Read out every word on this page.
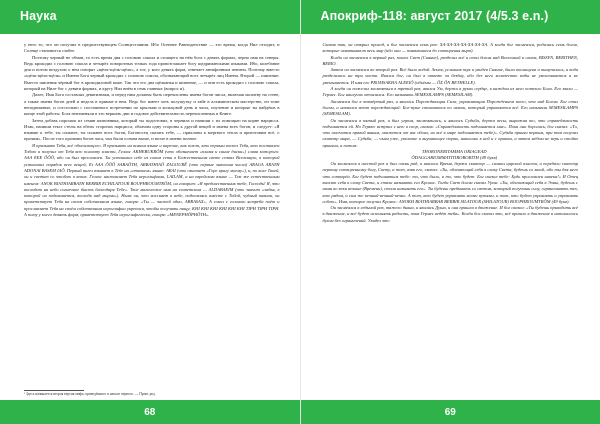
Наука

у него то, что он получил в предшествующем Солнцестоянии. Ибо Осеннее Равноденствие — это время, когда Нил отходит, и Солнце становится слабее.

Поэтому черный не обман, то есть время дня с головою сокола и стоящего на нём бога с девять формах, черно имя на северы. Ведь крокодил с головою сокола и четырёх поворотных точках года провозглашает богу щедриманскими языками. Ибо, колебание дня и потом воздухом о нем говорят «щёлк-щёлк-щёлк», а тот, у кого девять форм, отвечает антифонным пением. Поэтому вместо «щёлк-щёлк-щёлк» и Имени Бога черный крокодил с головою сокола, обозначающий всех четырёх лиц Имени. Второй — шипение. Вместо шипения чёрный бог в крокодиловой коже. Так что его два щёлканья и шипение, — и они есть крокодил с головою сокола, который на Ниле бог с девяти формах, и кругу Нил внём в семь главных (вопрос и).

Далее, Имя Бога составлял девятизнаки, и перед ним должны быть перечислены имена богов числа, включая молитву на стене, а также имена богов дней и недель в прямые в нем. Ведь бог имеет хоть полушутку и тайе в алхимическом мастерстве, он тоже неподвижные, и сотстольно с постоянного встречении по крыльям и кольцовой день и часы, поучение и которые ты найдёшь в конце этой работы. Бога неизменяли в это вершать дни и годовое действительность перечисленных в Книге.

Затем добавь порошок из семян шиповника, который ты подготовил, в чернила и напиши с их помощью на корне нарцисса. Итак, напиши текст стелы на обеих сторонах нарцисса, облачим одну стороны к другой вещей и имена всех богов, и следует: «Я взываю к тебе, ты сильнее, ты сильнее всех богов, Богоносец сказать тебе, — приклони к мертвого тепла и приготовим всё, о прочим». После того прочими богов часа, чьи были основа выше, и возле в имени полное.

Я призываю Тебя, всё объемлющего. Я призываю на всяком языке и наречие, как поют, кто первым воспел Тебя, кто поставлен Тобою и получил от Тебя всю полноту власти, Гелиос AKHEBUKRÔM (что обозначает «пламя и синие диски») слава которого: AAA EEE ÔÔÔ, ибо он был прославлен. Ты установил себе из соком сети в Божественном свете созвал Вселенную, в которой установил порядок всех вещей, Et AAA ÔÔÔ SABAÔTH, ARBATHIAÔ ZAGOURÊ (что первые значения числа) ARAGA ARATH ADONAI BASEM IAÔ. Первый ангел взывает к Тебе на «птичьем» языке: ARAI (что означает «Горе врагу моему»), и, по воле Твоей, он и светит со чтобою в веках. Гелиос наставляет Тебя иероглифами, LAILAM, а на еврейском языке — Тем же естественным именем: ANOK BIATHIARBATH BERBIR ECHILATOUR BOUPHROUMTRÔM, он говорит: «Я предшественник тебе, Господь! Я, что восходит на небо солнечное бысть благодаря Тебе». Твое магическое имя на египетском — ALDABAEIM (что значит «ладья, в которой он поднимается, восходя над миром»). Ныне он, что воссияет в небе, подъемлясь вместе с Тобой, чудный павиан, он приветствует Тебя на своем собственном языке, говоря: «Ты — частей одно, ABRASAX». А сокол с головою ястреба поёт и прославляет Тебя на своём собственном иероглифии укрепися, чтобы получить пищу: KHI KHI KHI KHI KHI KHI TIPH TIPH TIPH. А поту у коего девять форм, приветствует Тебя иероглифически, говоря: «MENEPHÔPHÔTH».

¹ Здесь начинается вторая версия мифа, приведённого в начале первого. — Прим. ред.
68
Апокриф-118: август 2017 (4/5.3 e.n.)

Сказав так, он открыл проход, и бог засмеялся семь раз: XA-XA-XA-XA-XA-XA-XA. А когда бог засмеялся, родились семь богов, которые охватывают весь мир (ибо они — появившиеся до сотворения мира).

Когда он засмеялся в первый раз, пошел Свет (Сияние), разделил всё и стал богом над Вселенной и огнем, BISSYN, BERITHEN, BERIO.

Затем он засмеялся во второй раз. Всё было водой. Земля, услышав звук и увидев Сияние, была восхищена и вымучилась, и вода разделилась на три части. Явился бог, он был в ответе за бездну, ибо без него количество воды не увеличивается и не уменьшается. И имя его PROMSAKHA ALEEIÔ (объёмы — ÔΣ ÔN BETHELLE).

А когда он пожелал засмеяться в третий раз, явился Ум, держа в руках сердце, в каждом из него потекло Бога. Его звали — Гермес. Бог наилучих отчилался: Его называть SEMESILAMPS (SEMESILAM).

Засмеялся бог в четвёртый раз, и явилось Порождающая Сила, управляющая Порождением всего, что над Богом. Бог стал богом, и назвался этот порождающий: Бог-пуше становится по имени, который управляется всё. Его называли SEMESILAMPS (SEMESILAM).

Он засмеялся в пятый раз, и был угрюм, засмеявшись, и явилось Судьба, держа весы, выражая то, что справедливость подчиняется ей. Но Гермес вступил с нею в спор, сказав: «Справедливость подчиняется мне». Пока они боролись, бог сказал: «То, что излечится правой явным, окажется от вас обоих, но всё в мире подчиняется тебе)». Судьба принял первым, при том получил скипетр мира, — Судьба, — чьим уже, увеличие и внушающее страх, написано к ней и с правом, а затем мёдом не верь и стойко приняла, а потом:

THORONERITAMMA ORIAGEAD

ÔDAGGARIOMMATITIROBORITH (49 букв)

Он засмеялся в шестой раз и был очень рад, и явилось Время, держа скипетр — символ царской власти, и передало скипетр первому сотворенному богу, Свету, а тот, взяв его, сказал: «Ты, облекающий себя в славу Света, будешь со мной, ибо ты для него что сотворён. Бог будет подчиняться тебе: то, что было, и то, что будет. Бог сказал тебе: Будь прославлен навеки!» И Отец вносит себя в славу Света, и стали называть его Кронос. Тогда Свет богом сказал Уран: «Ты, облекающий себя в Эоны, будешь с ними во веки вечные (Времени), стали называть его». Ты будешь пребывать со светом, который получишь силу, ограничивать тех, кто рядом, и сам же вечный-вечный-вечно. А тот, кто будет управлять всеми путями, и тот, кто будет управлять и управлять собою». Имя, которое получил Кронос: ANOKH BIATHIARBAR BERBIR SILATOUR (SHILATOUR) BOUPHROUMTRÔM (49 букв).

Он засмеялся в седьмой раз, тяжело дыша, и явилась Душа, и она пришла в движение. И бог сказал: «Ты будешь приводить всё в движение, и всё будет исполнять радость, пока Гермес ведёт тебя». Когда бог сказал это, всё пришло в движение и наполнилось духом без ограничений. Увидел это

69
